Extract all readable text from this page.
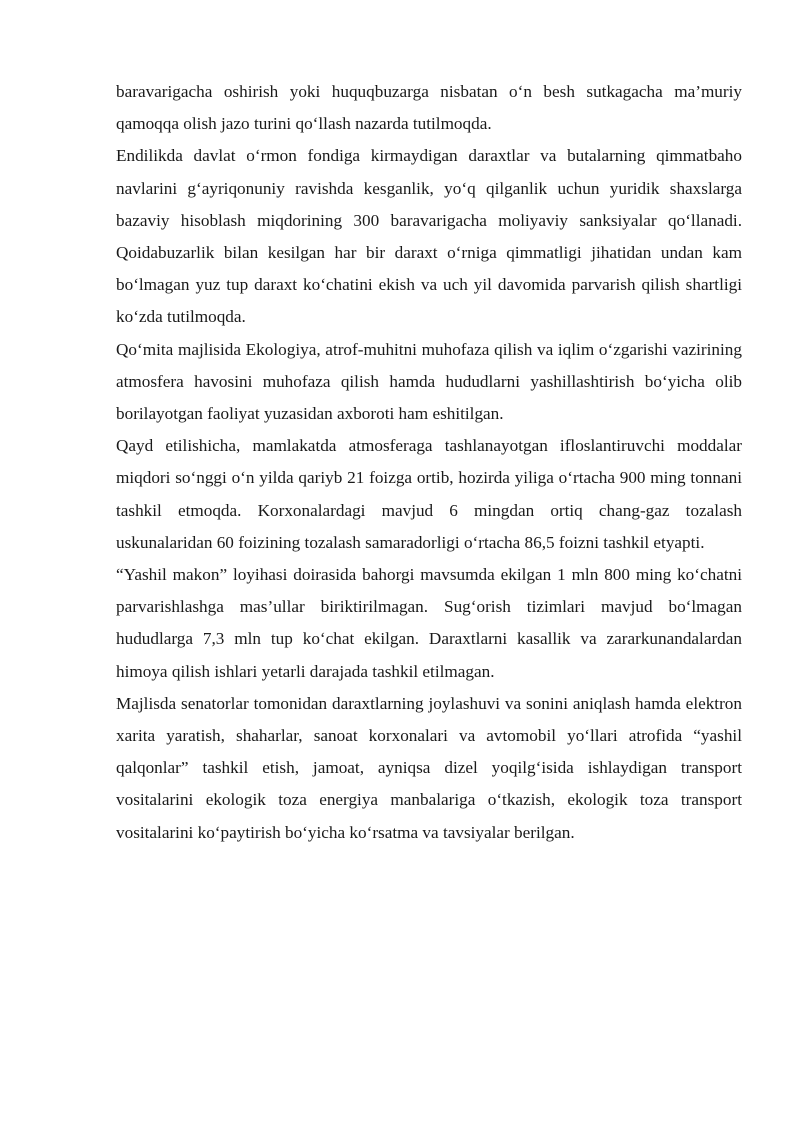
baravarigacha oshirish yoki huquqbuzarga nisbatan o‘n besh sutkagacha ma’muriy qamoqqa olish jazo turini qo‘llash nazarda tutilmoqda.

Endilikda davlat o‘rmon fondiga kirmaydigan daraxtlar va butalarning qimmatbaho navlarini g‘ayriqonuniy ravishda kesganlik, yo‘q qilganlik uchun yuridik shaxslarga bazaviy hisoblash miqdorining 300 baravarigacha moliyaviy sanksiyalar qo‘llanadi. Qoidabuzarlik bilan kesilgan har bir daraxt o‘rniga qimmatligi jihatidan undan kam bo‘lmagan yuz tup daraxt ko‘chatini ekish va uch yil davomida parvarish qilish shartligi ko‘zda tutilmoqda.

Qo‘mita majlisida Ekologiya, atrof-muhitni muhofaza qilish va iqlim o‘zgarishi vazirining atmosfera havosini muhofaza qilish hamda hududlarni yashillashtirish bo‘yicha olib borilayotgan faoliyat yuzasidan axboroti ham eshitilgan.

Qayd etilishicha, mamlakatda atmosferaga tashlanayotgan ifloslantiruvchi moddalar miqdori so‘nggi o‘n yilda qariyb 21 foizga ortib, hozirda yiliga o‘rtacha 900 ming tonnani tashkil etmoqda. Korxonalardagi mavjud 6 mingdan ortiq chang-gaz tozalash uskunalaridan 60 foizining tozalash samaradorligi o‘rtacha 86,5 foizni tashkil etyapti.

“Yashil makon” loyihasi doirasida bahorgi mavsumda ekilgan 1 mln 800 ming ko‘chatni parvarishlashga mas’ullar biriktirilmagan. Sug‘orish tizimlari mavjud bo‘lmagan hududlarga 7,3 mln tup ko‘chat ekilgan. Daraxtlarni kasallik va zararkunandalardan himoya qilish ishlari yetarli darajada tashkil etilmagan.

Majlisda senatorlar tomonidan daraxtlarning joylashuvi va sonini aniqlash hamda elektron xarita yaratish, shaharlar, sanoat korxonalari va avtomobil yo‘llari atrofida “yashil qalqonlar” tashkil etish, jamoat, ayniqsa dizel yoqilg‘isida ishlaydigan transport vositalarini ekologik toza energiya manbalariga o‘tkazish, ekologik toza transport vositalarini ko‘paytirish bo‘yicha ko‘rsatma va tavsiyalar berilgan.
